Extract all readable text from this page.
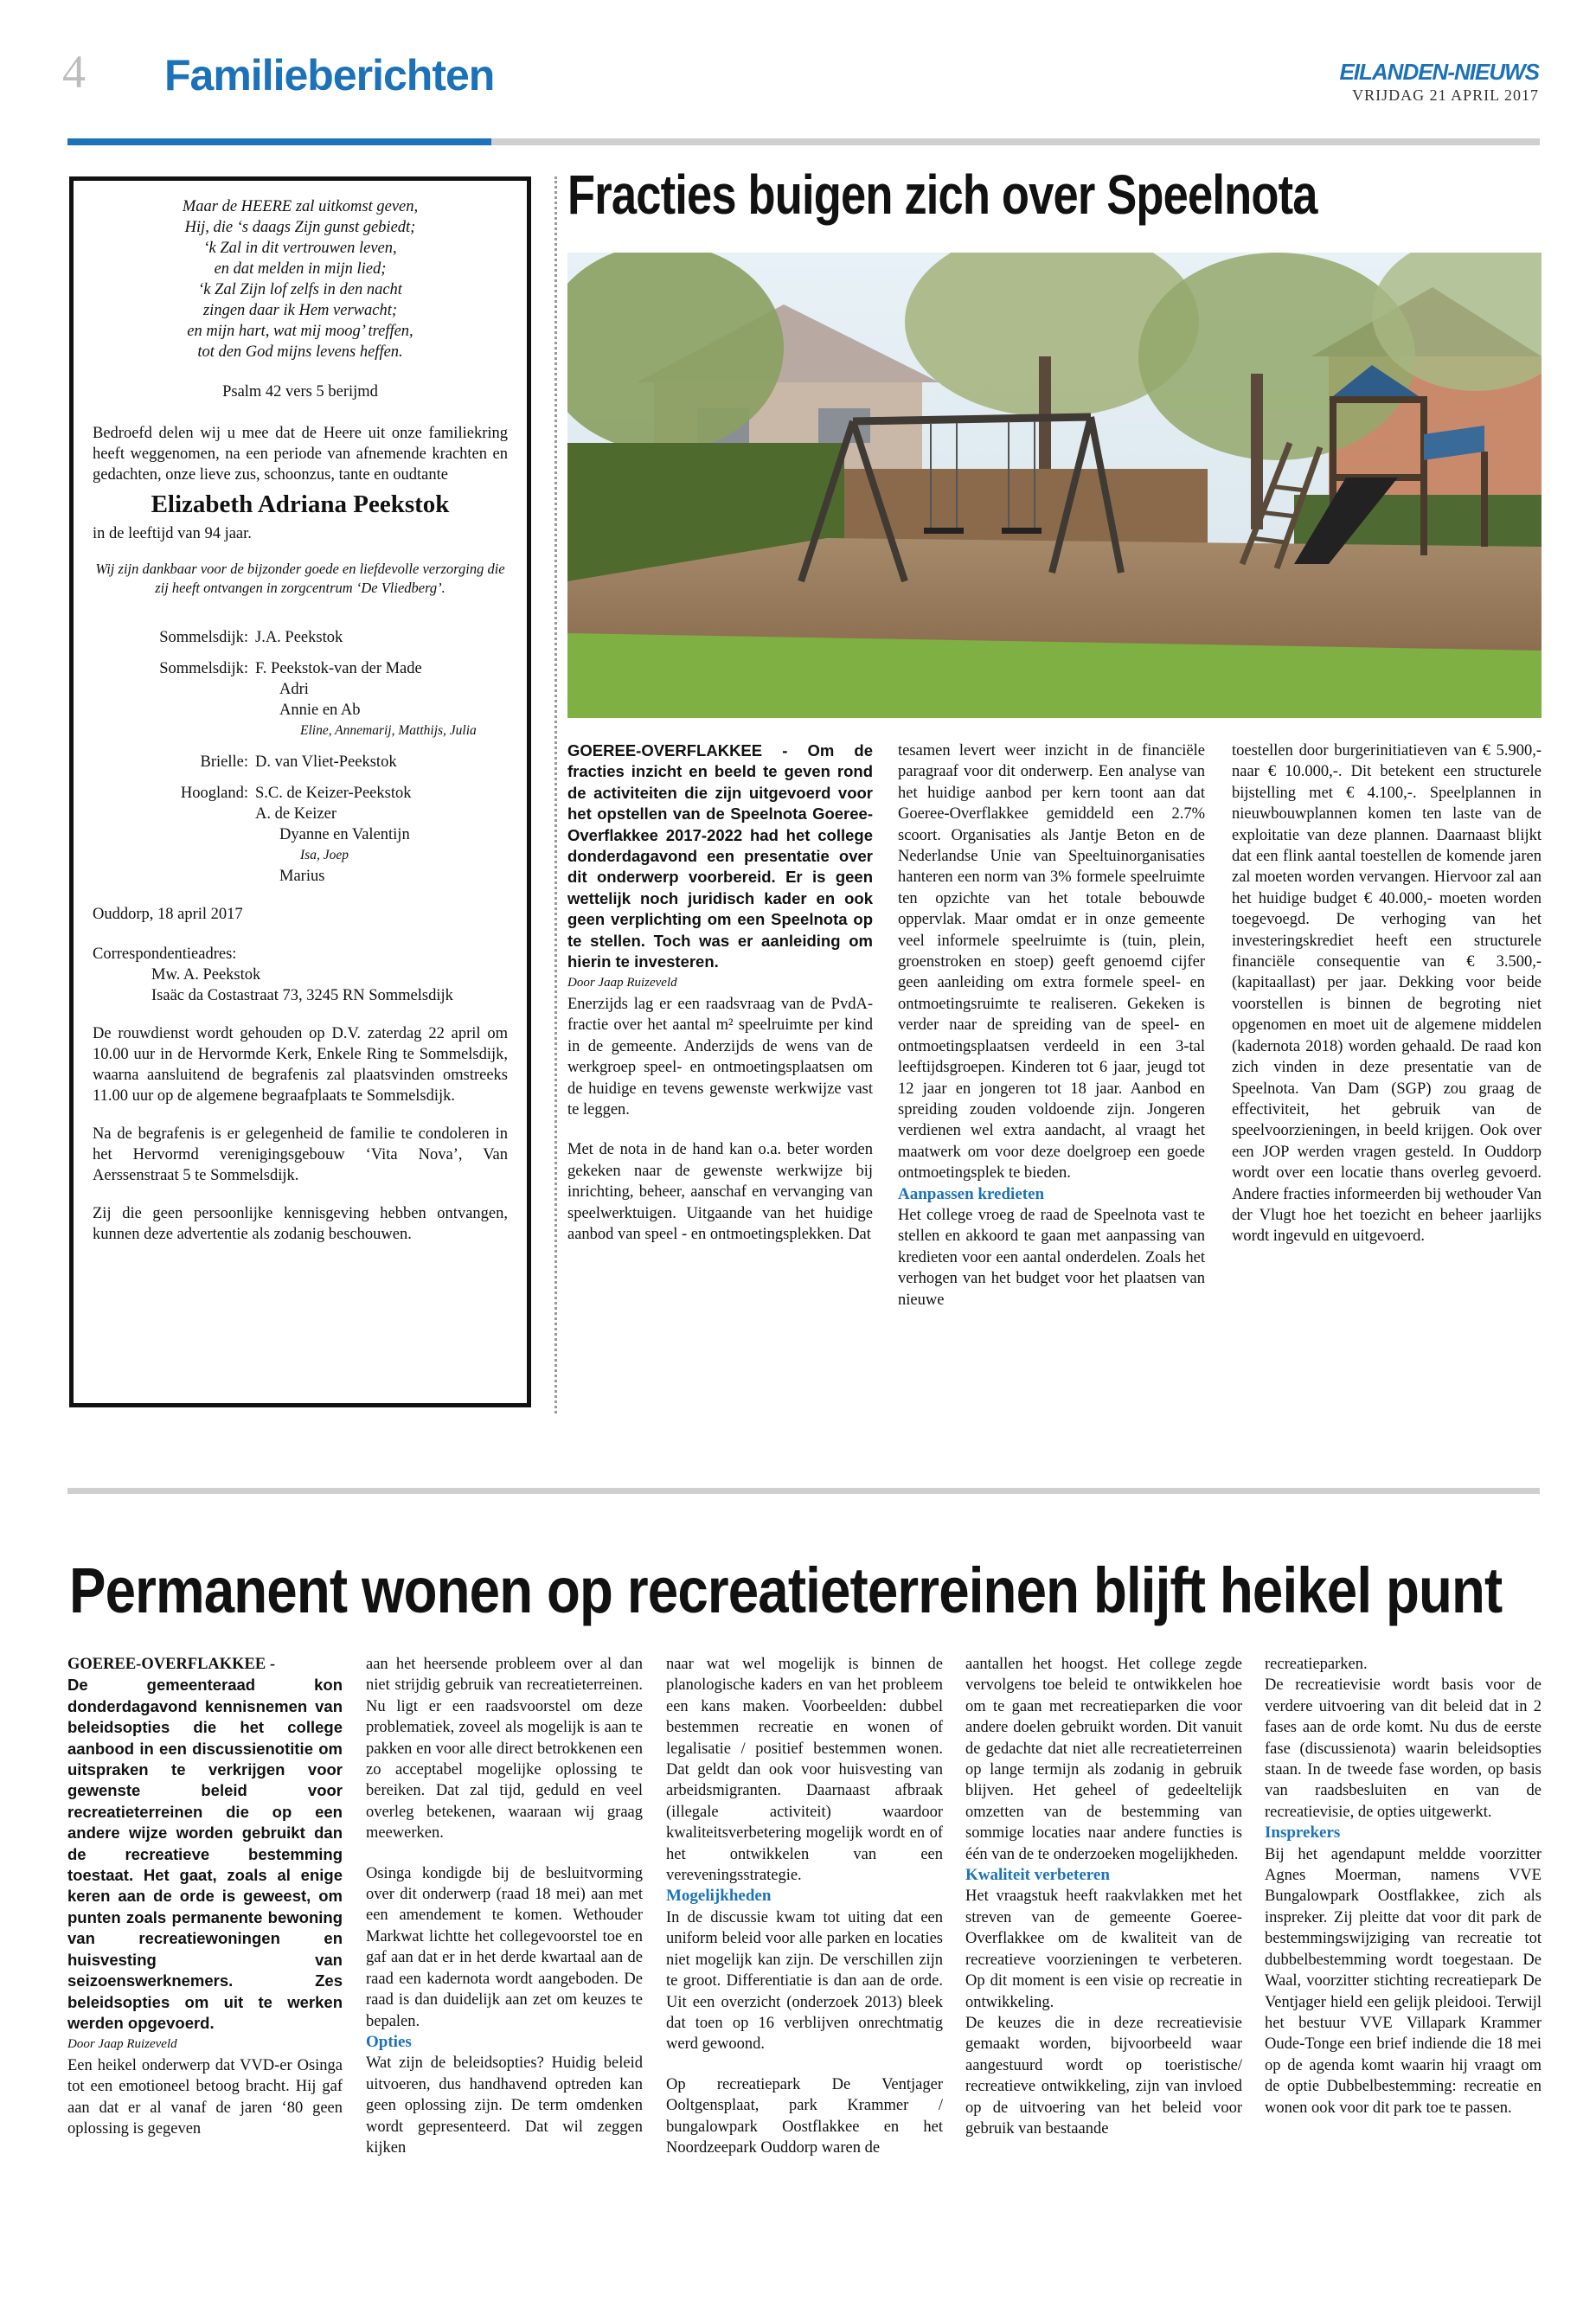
4 Familieberichten	EILANDEN-NIEUWS
VRIJDAG 21 APRIL 2017
Maar de HEERE zal uitkomst geven,
Hij, die ‘s daags Zijn gunst gebiedt;
‘k Zal in dit vertrouwen leven,
en dat melden in mijn lied;
‘k Zal Zijn lof zelfs in den nacht
zingen daar ik Hem verwacht;
en mijn hart, wat mij moog’ treffen,
tot den God mijns levens heffen.
Psalm 42 vers 5 berijmd
Bedroefd delen wij u mee dat de Heere uit onze familiekring heeft weggenomen, na een periode van afnemende krachten en gedachten, onze lieve zus, schoonzus, tante en oudtante
Elizabeth Adriana Peekstok
in de leeftijd van 94 jaar.
Wij zijn dankbaar voor de bijzonder goede en liefdevolle verzorging die zij heeft ontvangen in zorgcentrum ‘De Vliedberg’.
Sommelsdijk: J.A. Peekstok
Sommelsdijk: F. Peekstok-van der Made
Adri
Annie en Ab
Eline, Annemarij, Matthijs, Julia
Brielle: D. van Vliet-Peekstok
Hoogland: S.C. de Keizer-Peekstok
A. de Keizer
Dyanne en Valentijn
Isa, Joep
Marius
Ouddorp, 18 april 2017
Correspondentieadres:
Mw. A. Peekstok
Isaäc da Costastraat 73, 3245 RN Sommelsdijk
De rouwdienst wordt gehouden op D.V. zaterdag 22 april om 10.00 uur in de Hervormde Kerk, Enkele Ring te Sommelsdijk, waarna aansluitend de begrafenis zal plaatsvinden omstreeks 11.00 uur op de algemene begraafplaats te Sommelsdijk.
Na de begrafenis is er gelegenheid de familie te condoleren in het Hervormd verenigingsgebouw ‘Vita Nova’, Van Aerssenstraat 5 te Sommelsdijk.
Zij die geen persoonlijke kennisgeving hebben ontvangen, kunnen deze advertentie als zodanig beschouwen.
Fracties buigen zich over Speelnota

GOEREE-OVERFLAKKEE - Om de fracties inzicht en beeld te geven rond de activiteiten die zijn uitgevoerd voor het opstellen van de Speelnota Goeree-Overflakkee 2017-2022 had het college donderdagavond een presentatie over dit onderwerp voorbereid. Er is geen wettelijk noch juridisch kader en ook geen verplichting om een Speelnota op te stellen. Toch was er aanleiding om hierin te investeren.

Door Jaap Ruizeveld

Enerzijds lag er een raadsvraag van de PvdA-fractie over het aantal m² speelruimte per kind in de gemeente. Anderzijds de wens van de werkgroep speel- en ontmoetingsplaatsen om de huidige en tevens gewenste werkwijze vast te leggen.

Met de nota in de hand kan o.a. beter worden gekeken naar de gewenste werkwijze bij inrichting, beheer, aanschaf en vervanging van speelwerktuigen. Uitgaande van het huidige aanbod van speel - en ontmoetingsplekken. Dat

tesamen levert weer inzicht in de financiële paragraaf voor dit onderwerp. Een analyse van het huidige aanbod per kern toont aan dat Goeree-Overflakkee gemiddeld een 2.7% scoort. Organisaties als Jantje Beton en de Nederlandse Unie van Speeltuinorganisaties hanteren een norm van 3% formele speelruimte ten opzichte van het totale bebouwde oppervlak. Maar omdat er in onze gemeente veel informele speelruimte is (tuin, plein, groenstroken en stoep) geeft genoemd cijfer geen aanleiding om extra formele speel- en ontmoetingsruimte te realiseren. Gekeken is verder naar de spreiding van de speel- en ontmoetingsplaatsen verdeeld in een 3-tal leeftijdsgroepen. Kinderen tot 6 jaar, jeugd tot 12 jaar en jongeren tot 18 jaar. Aanbod en spreiding zouden voldoende zijn. Jongeren verdienen wel extra aandacht, al vraagt het maatwerk om voor deze doelgroep een goede ontmoetingsplek te bieden.

Aanpassen kredieten

Het college vroeg de raad de Speelnota vast te stellen en akkoord te gaan met aanpassing van kredieten voor een aantal onderdelen. Zoals het verhogen van het budget voor het plaatsen van nieuwe

toestellen door burgerinitiatieven van € 5.900,- naar € 10.000,-. Dit betekent een structurele bijstelling met € 4.100,-. Speelplannen in nieuwbouwplannen komen ten laste van de exploitatie van deze plannen. Daarnaast blijkt dat een flink aantal toestellen de komende jaren zal moeten worden vervangen. Hiervoor zal aan het huidige budget € 40.000,- moeten worden toegevoegd. De verhoging van het investeringskrediet heeft een structurele financiële consequentie van € 3.500,- (kapitaallast) per jaar. Dekking voor beide voorstellen is binnen de begroting niet opgenomen en moet uit de algemene middelen (kadernota 2018) worden gehaald. De raad kon zich vinden in deze presentatie van de Speelnota. Van Dam (SGP) zou graag de effectiviteit, het gebruik van de speelvoorzieningen, in beeld krijgen. Ook over een JOP werden vragen gesteld. In Ouddorp wordt over een locatie thans overleg gevoerd. Andere fracties informeerden bij wethouder Van der Vlugt hoe het toezicht en beheer jaarlijks wordt ingevuld en uitgevoerd.

Permanent wonen op recreatieterreinen blijft heikel punt

GOEREE-OVERFLAKKEE -

De gemeenteraad kon donderdagavond kennisnemen van beleidsopties die het college aanbood in een discussienotitie om uitspraken te verkrijgen voor gewenste beleid voor recreatieterreinen die op een andere wijze worden gebruikt dan de recreatieve bestemming toestaat. Het gaat, zoals al enige keren aan de orde is geweest, om punten zoals permanente bewoning van recreatiewoningen en huisvesting van seizoenswerknemers. Zes beleidsopties om uit te werken werden opgevoerd.

Door Jaap Ruizeveld

Een heikel onderwerp dat VVD-er Osinga tot een emotioneel betoog bracht. Hij gaf aan dat er al vanaf de jaren ‘80 geen oplossing is gegeven

aan het heersende probleem over al dan niet strijdig gebruik van recreatieterreinen. Nu ligt er een raadsvoorstel om deze problematiek, zoveel als mogelijk is aan te pakken en voor alle direct betrokkenen een zo acceptabel mogelijke oplossing te bereiken. Dat zal tijd, geduld en veel overleg betekenen, waaraan wij graag meewerken.

Osinga kondigde bij de besluitvorming over dit onderwerp (raad 18 mei) aan met een amendement te komen. Wethouder Markwat lichtte het collegevoorstel toe en gaf aan dat er in het derde kwartaal aan de raad een kadernota wordt aangeboden. De raad is dan duidelijk aan zet om keuzes te bepalen.

Opties

Wat zijn de beleidsopties? Huidig beleid uitvoeren, dus handhavend optreden kan geen oplossing zijn. De term omdenken wordt gepresenteerd. Dat wil zeggen kijken

naar wat wel mogelijk is binnen de planologische kaders en van het probleem een kans maken. Voorbeelden: dubbel bestemmen recreatie en wonen of legalisatie / positief bestemmen wonen. Dat geldt dan ook voor huisvesting van arbeidsmigranten. Daarnaast afbraak (illegale activiteit) waardoor kwaliteitsverbetering mogelijk wordt en of het ontwikkelen van een vereveningsstrategie.

Mogelijkheden

In de discussie kwam tot uiting dat een uniform beleid voor alle parken en locaties niet mogelijk kan zijn. De verschillen zijn te groot. Differentiatie is dan aan de orde. Uit een overzicht (onderzoek 2013) bleek dat toen op 16 verblijven onrechtmatig werd gewoond.

Op recreatiepark De Ventjager Ooltgensplaat, park Krammer / bungalowpark Oostflakkee en het Noordzeepark Ouddorp waren de

aantallen het hoogst. Het college zegde vervolgens toe beleid te ontwikkelen hoe om te gaan met recreatieparken die voor andere doelen gebruikt worden. Dit vanuit de gedachte dat niet alle recreatieterreinen op lange termijn als zodanig in gebruik blijven. Het geheel of gedeeltelijk omzetten van de bestemming van sommige locaties naar andere functies is één van de te onderzoeken mogelijkheden.

Kwaliteit verbeteren

Het vraagstuk heeft raakvlakken met het streven van de gemeente Goeree-Overflakkee om de kwaliteit van de recreatieve voorzieningen te verbeteren. Op dit moment is een visie op recreatie in ontwikkeling.

De keuzes die in deze recreatievisie gemaakt worden, bijvoorbeeld waar aangestuurd wordt op toeristische/ recreatieve ontwikkeling, zijn van invloed op de uitvoering van het beleid voor gebruik van bestaande

recreatieparken.

De recreatievisie wordt basis voor de verdere uitvoering van dit beleid dat in 2 fases aan de orde komt. Nu dus de eerste fase (discussienota) waarin beleidsopties staan. In de tweede fase worden, op basis van raadsbesluiten en van de recreatievisie, de opties uitgewerkt.

Insprekers

Bij het agendapunt meldde voorzitter Agnes Moerman, namens VVE Bungalowpark Oostflakkee, zich als inspreker. Zij pleitte dat voor dit park de bestemmingswijziging van recreatie tot dubbelbestemming wordt toegestaan. De Waal, voorzitter stichting recreatiepark De Ventjager hield een gelijk pleidooi. Terwijl het bestuur VVE Villapark Krammer Oude-Tonge een brief indiende die 18 mei op de agenda komt waarin hij vraagt om de optie Dubbelbestemming: recreatie en wonen ook voor dit park toe te passen.
